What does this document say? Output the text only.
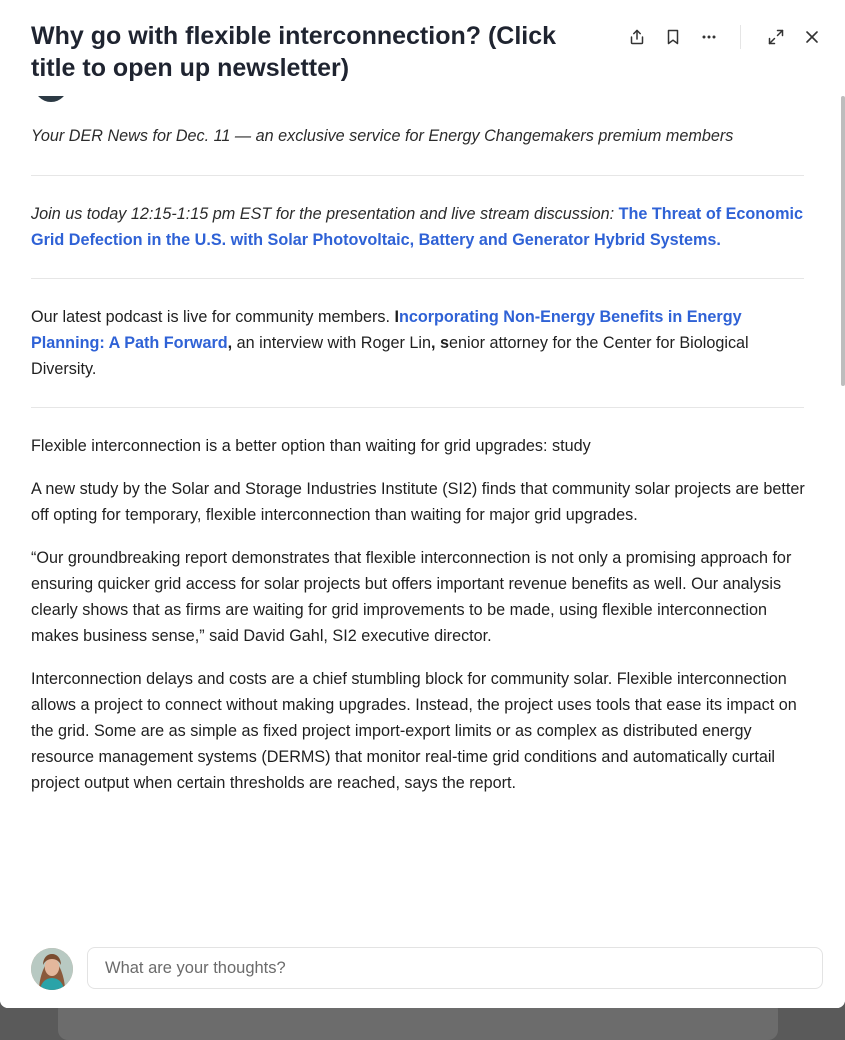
Your DER News for Dec. 11 — an exclusive service for Energy Changemakers premium members

Join us today 12:15-1:15 pm EST for the presentation and live stream discussion: The Threat of Economic Grid Defection in the U.S. with Solar Photovoltaic, Battery and Generator Hybrid Systems.

Our latest podcast is live for community members. Incorporating Non-Energy Benefits in Energy Planning: A Path Forward, an interview with Roger Lin, senior attorney for the Center for Biological Diversity.

Flexible interconnection is a better option than waiting for grid upgrades: study

A new study by the Solar and Storage Industries Institute (SI2) finds that community solar projects are better off opting for temporary, flexible interconnection than waiting for major grid upgrades.

“Our groundbreaking report demonstrates that flexible interconnection is not only a promising approach for ensuring quicker grid access for solar projects but offers important revenue benefits as well. Our analysis clearly shows that as firms are waiting for grid improvements to be made, using flexible interconnection makes business sense,” said David Gahl, SI2 executive director.

Interconnection delays and costs are a chief stumbling block for community solar. Flexible interconnection allows a project to connect without making upgrades. Instead, the project uses tools that ease its impact on the grid. Some are as simple as fixed project import-export limits or as complex as distributed energy resource management systems (DERMS) that monitor real-time grid conditions and automatically curtail project output when certain thresholds are reached, says the report.

Why go with flexible interconnection? (Click title to open up newsletter)
What are your thoughts?
